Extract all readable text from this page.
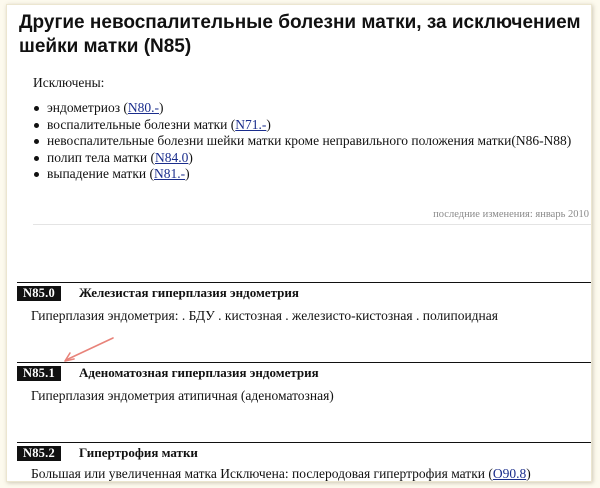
Другие невоспалительные болезни матки, за исключением шейки матки (N85)
Исключены:
эндометриоз (N80.-)
воспалительные болезни матки (N71.-)
невоспалительные болезни шейки матки кроме неправильного положения матки(N86-N88)
полип тела матки (N84.0)
выпадение матки (N81.-)
последние изменения: январь 2010
N85.0	Железистая гиперплазия эндометрия
Гиперплазия эндометрия: . БДУ . кистозная . железисто-кистозная . полипоидная
N85.1	Аденоматозная гиперплазия эндометрия
Гиперплазия эндометрия атипичная (аденоматозная)
N85.2	Гипертрофия матки
Большая или увеличенная матка Исключена: послеродовая гипертрофия матки (O90.8)
